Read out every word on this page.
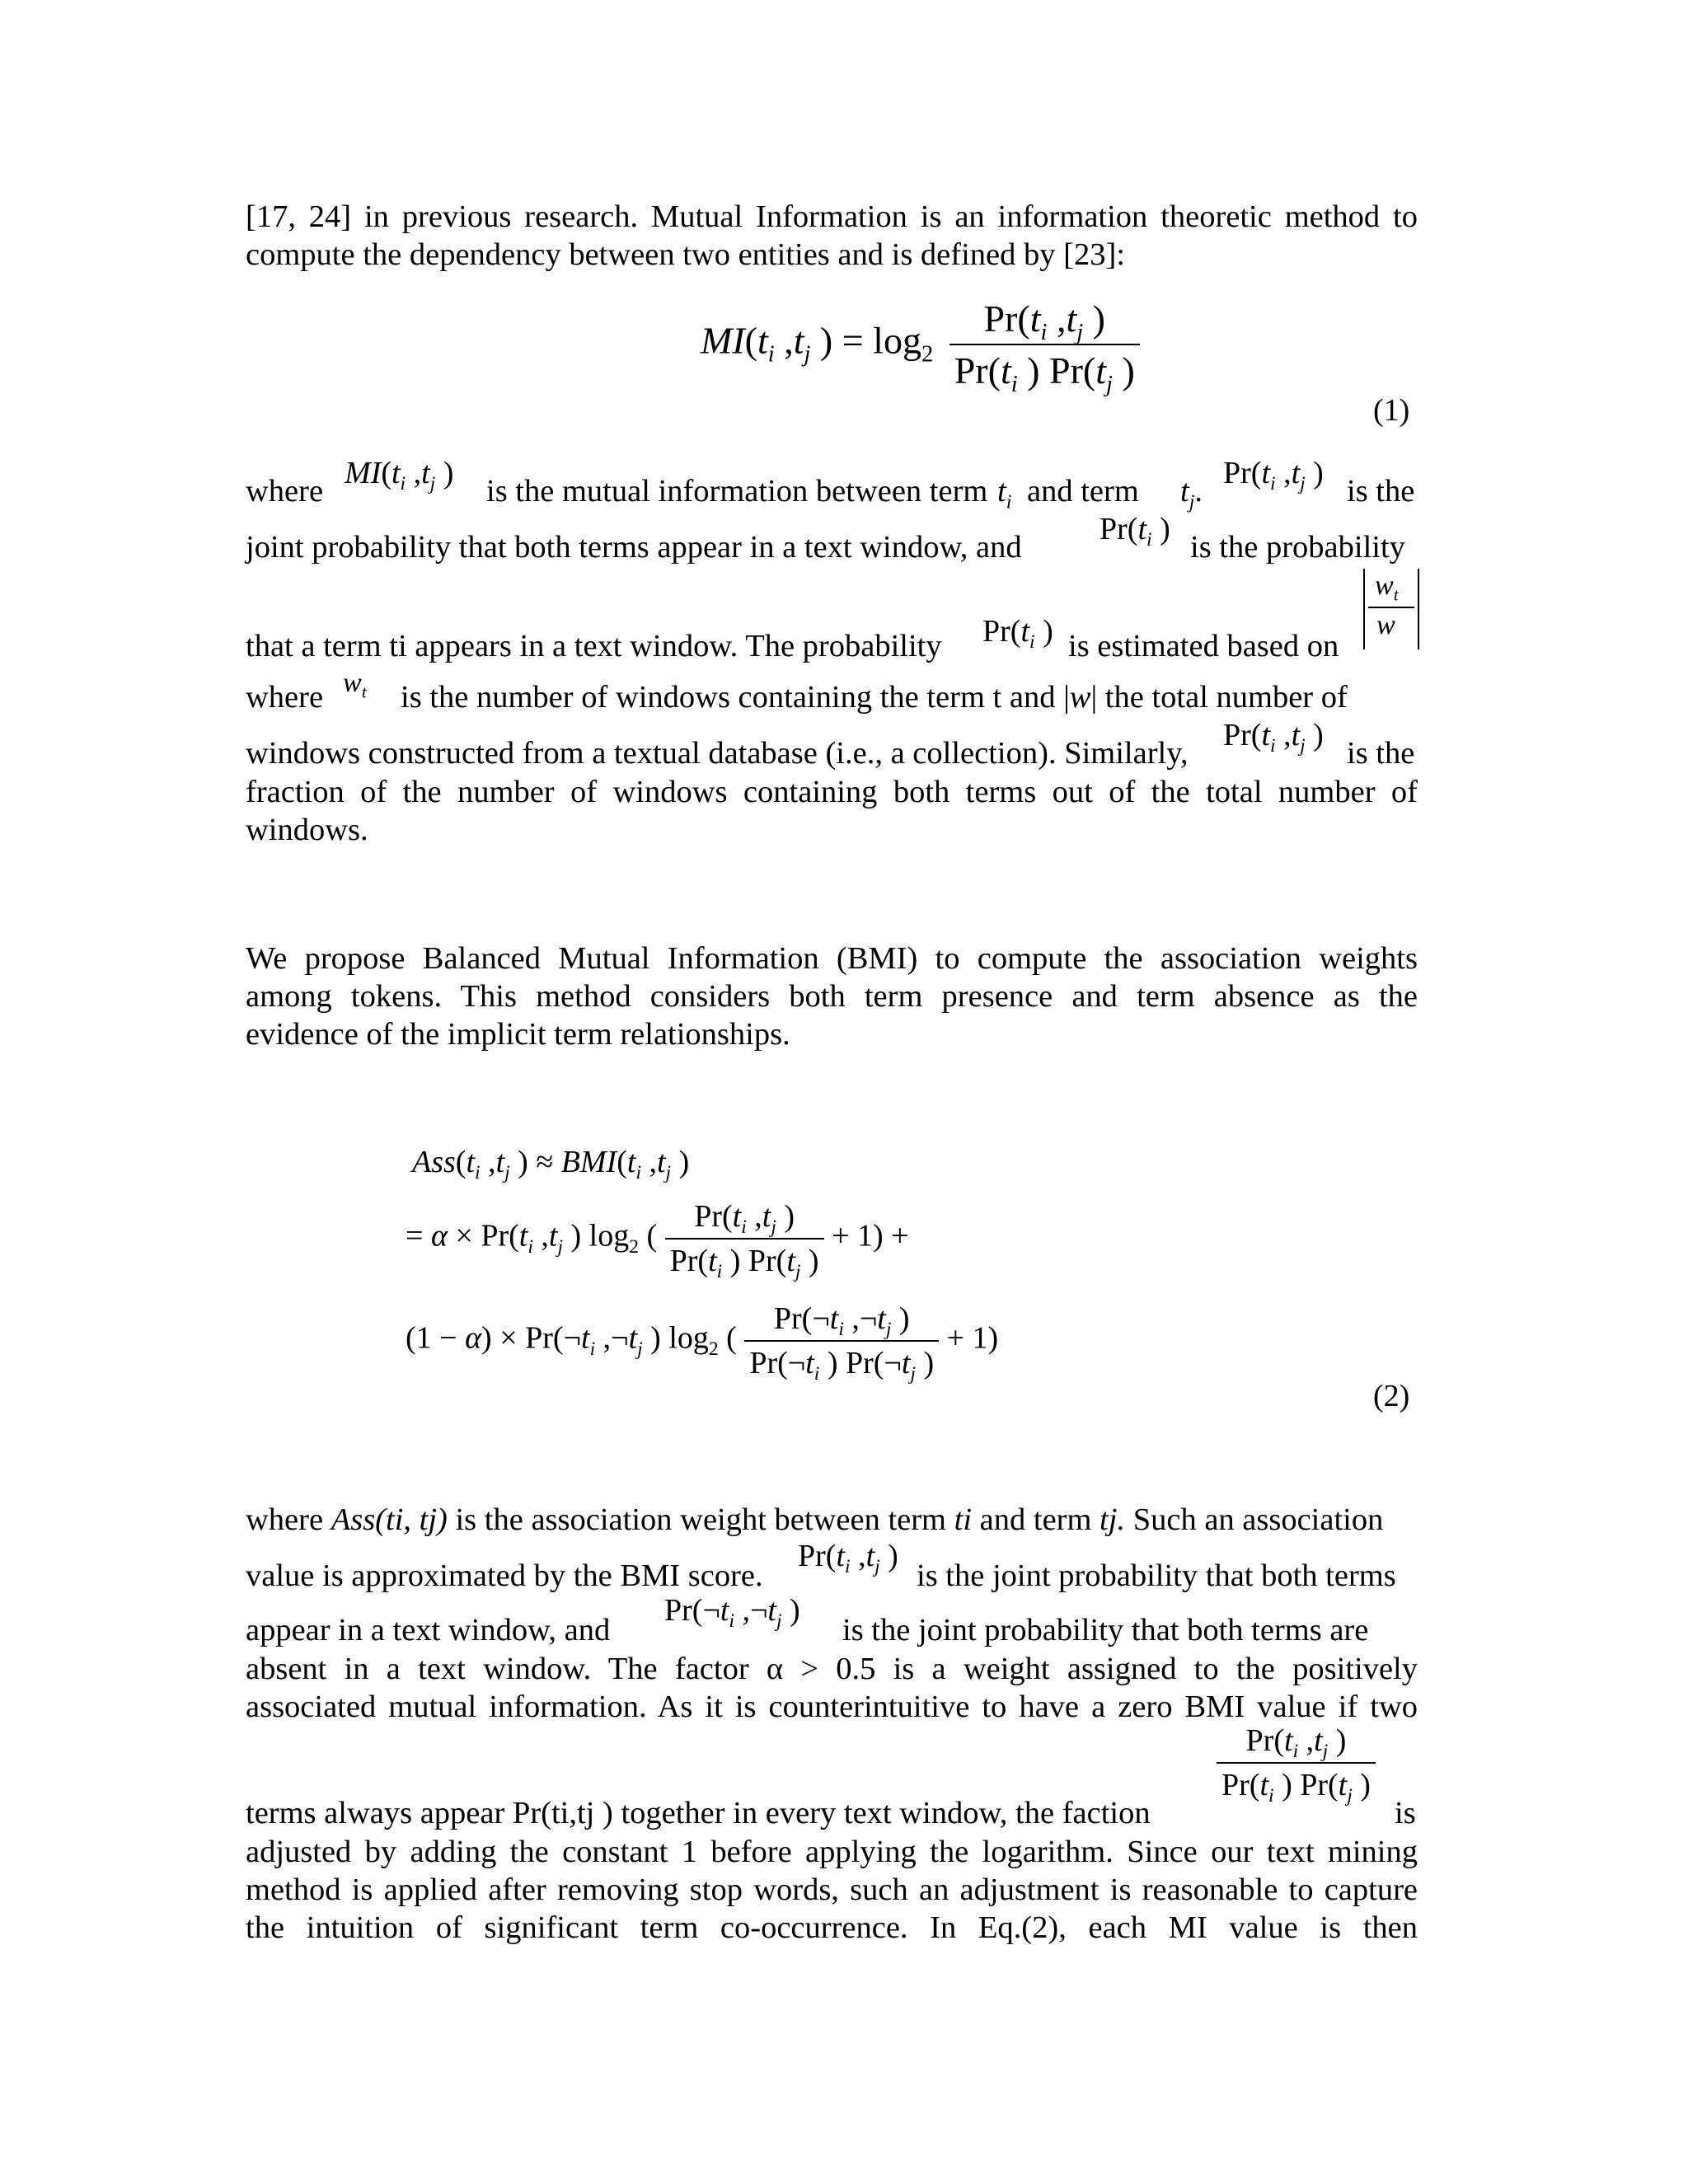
[17, 24] in previous research. Mutual Information is an information theoretic method to
compute the dependency between two entities and is defined by [23]:
$MI(t_i$ $,t_j$ ) = $\log_2 \frac{Pr(t_i ,t_j )}{Pr(t_i ) Pr(t_j )}$
(1)
where
$MI(t_i$ $,t_j$ )
is the mutual information between term $t_i$ and term $t_j$.
$Pr(t_i$ $,t_j$ )
is the
joint probability that both terms appear in a text window, and
$Pr(t_i$ )
is the probability
$w_t$
w
that a term ti appears in a text window. The probability $Pr(t_i$ ) is estimated based on
where $w_t$ is the number of windows containing the term t and |w| the total number of
windows constructed from a textual database (i.e., a collection). Similarly,
$Pr(t_i$ $,t_j$ )
is the
fraction of the number of windows containing both terms out of the total number of
windows.
We propose Balanced Mutual Information (BMI) to compute the association weights
among tokens. This method considers both term presence and term absence as the
evidence of the implicit term relationships.
$Ass(t_i$ $,t_j$ ) ≈ $BMI(t_i$ $,t_j$ )
= $\alpha \times Pr(t_i$ $,t_j$ ) $\log_2$ ( $\frac{Pr(t_i ,t_j )}{Pr(t_i ) Pr(t_j )} + 1$) +
$(1 - \alpha) \times Pr(\neg t_i$ $,\neg t_j$ ) $\log_2$ ( $\frac{Pr(\neg t_i ,\neg t_j )}{Pr(\neg t_i ) Pr(\neg t_j )} + 1$)
(2)
where Ass(ti, tj) is the association weight between term ti and term tj. Such an association
value is approximated by the BMI score.
$Pr(t_i$ $,t_j$ )
is the joint probability that both terms
appear in a text window, and
$Pr(\neg t_i$ $,\neg t_j$ )
is the joint probability that both terms are
absent in a text window. The factor α > 0.5 is a weight assigned to the positively
associated mutual information. As it is counterintuitive to have a zero BMI value if two
$\frac{Pr(t_i ,t_j )}{Pr(t_i ) Pr(t_j )}$
terms always appear Pr(ti,tj ) together in every text window, the faction	is
adjusted by adding the constant 1 before applying the logarithm. Since our text mining
method is applied after removing stop words, such an adjustment is reasonable to capture
the intuition of significant term co-occurrence. In Eq.(2), each MI value is then
